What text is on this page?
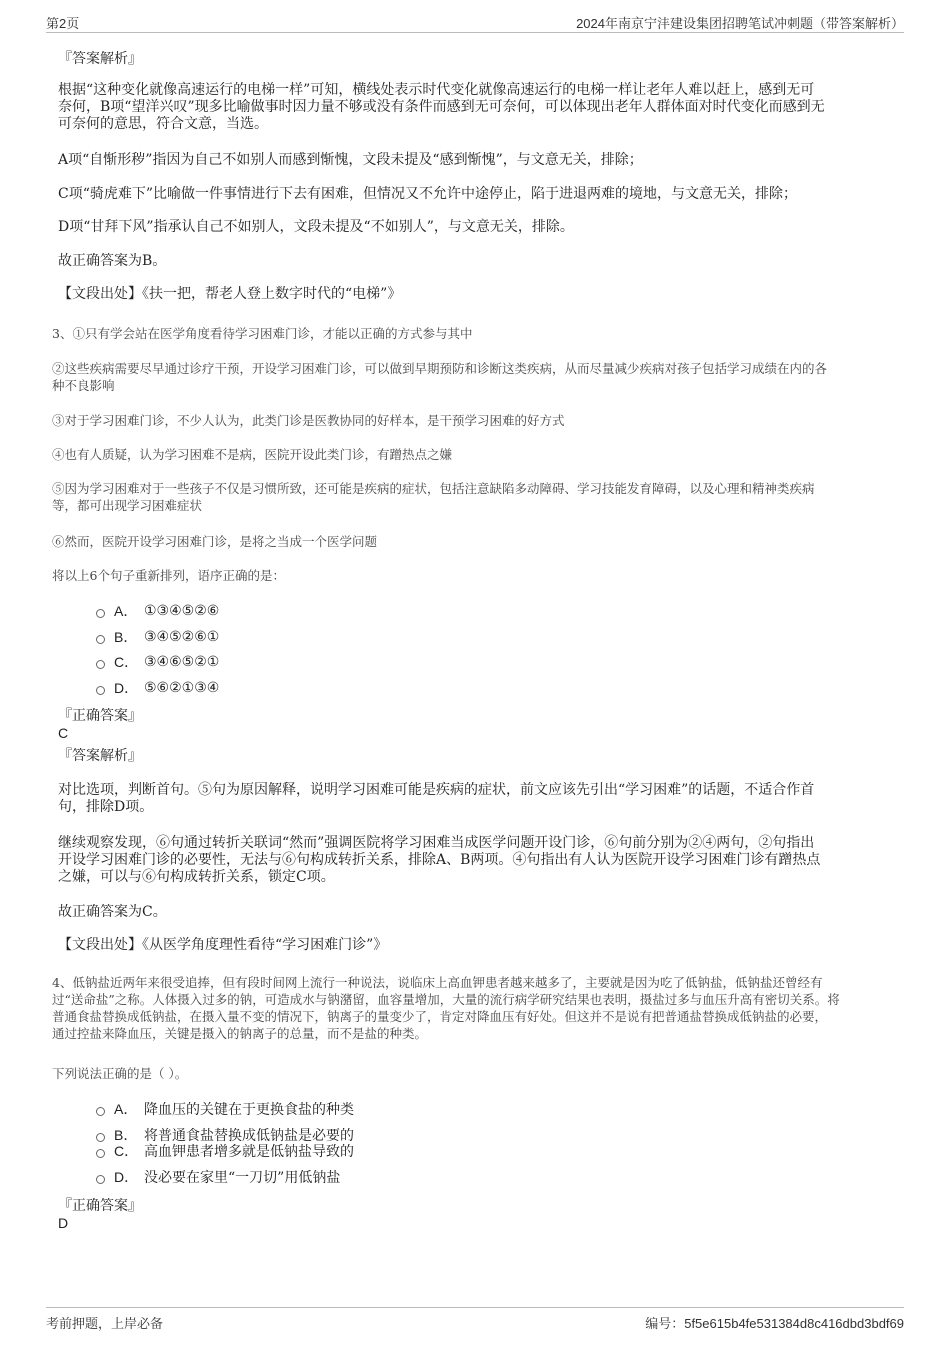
第2页	2024年南京宁沣建设集团招聘笔试冲刺题（带答案解析）
『答案解析』
根据“这种变化就像高速运行的电梯一样”可知，横线处表示时代变化就像高速运行的电梯一样让老年人难以赶上，感到无可
奈何，B项“望洋兴叹”现多比喻做事时因力量不够或没有条件而感到无可奈何，可以体现出老年人群体面对时代变化而感到无
可奈何的意思，符合文意，当选。
A项“自惭形秽”指因为自己不如别人而感到惭愧，文段未提及“感到惭愧”，与文意无关，排除；
C项“骑虎难下”比喻做一件事情进行下去有困难，但情况又不允许中途停止，陷于进退两难的境地，与文意无关，排除；
D项“甘拜下风”指承认自己不如别人，文段未提及“不如别人”，与文意无关，排除。
故正确答案为B。
【文段出处】《扶一把，帮老人登上数字时代的“电梯”》
3、①只有学会站在医学角度看待学习困难门诊，才能以正确的方式参与其中
②这些疾病需要尽早通过诊疗干预，开设学习困难门诊，可以做到早期预防和诊断这类疾病，从而尽量减少疾病对孩子包括学习成绩在内的各
种不良影响
③对于学习困难门诊，不少人认为，此类门诊是医教协同的好样本，是干预学习困难的好方式
④也有人质疑，认为学习困难不是病，医院开设此类门诊，有蹭热点之嫌
⑤因为学习困难对于一些孩子不仅是习惯所致，还可能是疾病的症状，包括注意缺陷多动障碍、学习技能发育障碍，以及心理和精神类疾病
等，都可出现学习困难症状
⑥然而，医院开设学习困难门诊，是将之当成一个医学问题
将以上6个句子重新排列，语序正确的是：
A． ①③④⑤②⑥
B． ③④⑤②⑥①
C． ③④⑥⑤②①
D． ⑤⑥②①③④
『正确答案』
C
『答案解析』
对比选项，判断首句。⑤句为原因解释，说明学习困难可能是疾病的症状，前文应该先引出“学习困难”的话题，不适合作首
句，排除D项。
继续观察发现，⑥句通过转折关联词“然而”强调医院将学习困难当成医学问题开设门诊，⑥句前分别为②④两句，②句指出
开设学习困难门诊的必要性，无法与⑥句构成转折关系，排除A、B两项。④句指出有人认为医院开设学习困难门诊有蹭热点
之嫌，可以与⑥句构成转折关系，锁定C项。
故正确答案为C。
【文段出处】《从医学角度理性看待“学习困难门诊”》
4、低钠盐近两年来很受追捧，但有段时间网上流行一种说法，说临床上高血钾患者越来越多了，主要就是因为吃了低钠盐，低钠盐还曾经有
过“送命盐”之称。人体摄入过多的钠，可造成水与钠潴留，血容量增加，大量的流行病学研究结果也表明，摄盐过多与血压升高有密切关系。将
普通食盐替换成低钠盐，在摄入量不变的情况下，钠离子的量变少了，肯定对降血压有好处。但这并不是说有把普通盐替换成低钠盐的必要，
通过控盐来降血压，关键是摄入的钠离子的总量，而不是盐的种类。
下列说法正确的是（ ）。
A． 降血压的关键在于更换食盐的种类
B． 将普通食盐替换成低钠盐是必要的
C． 高血钾患者增多就是低钠盐导致的
D． 没必要在家里“一刀切”用低钠盐
『正确答案』
D
考前押题，上岸必备	编号：5f5e615b4fe531384d8c416dbd3bdf69
